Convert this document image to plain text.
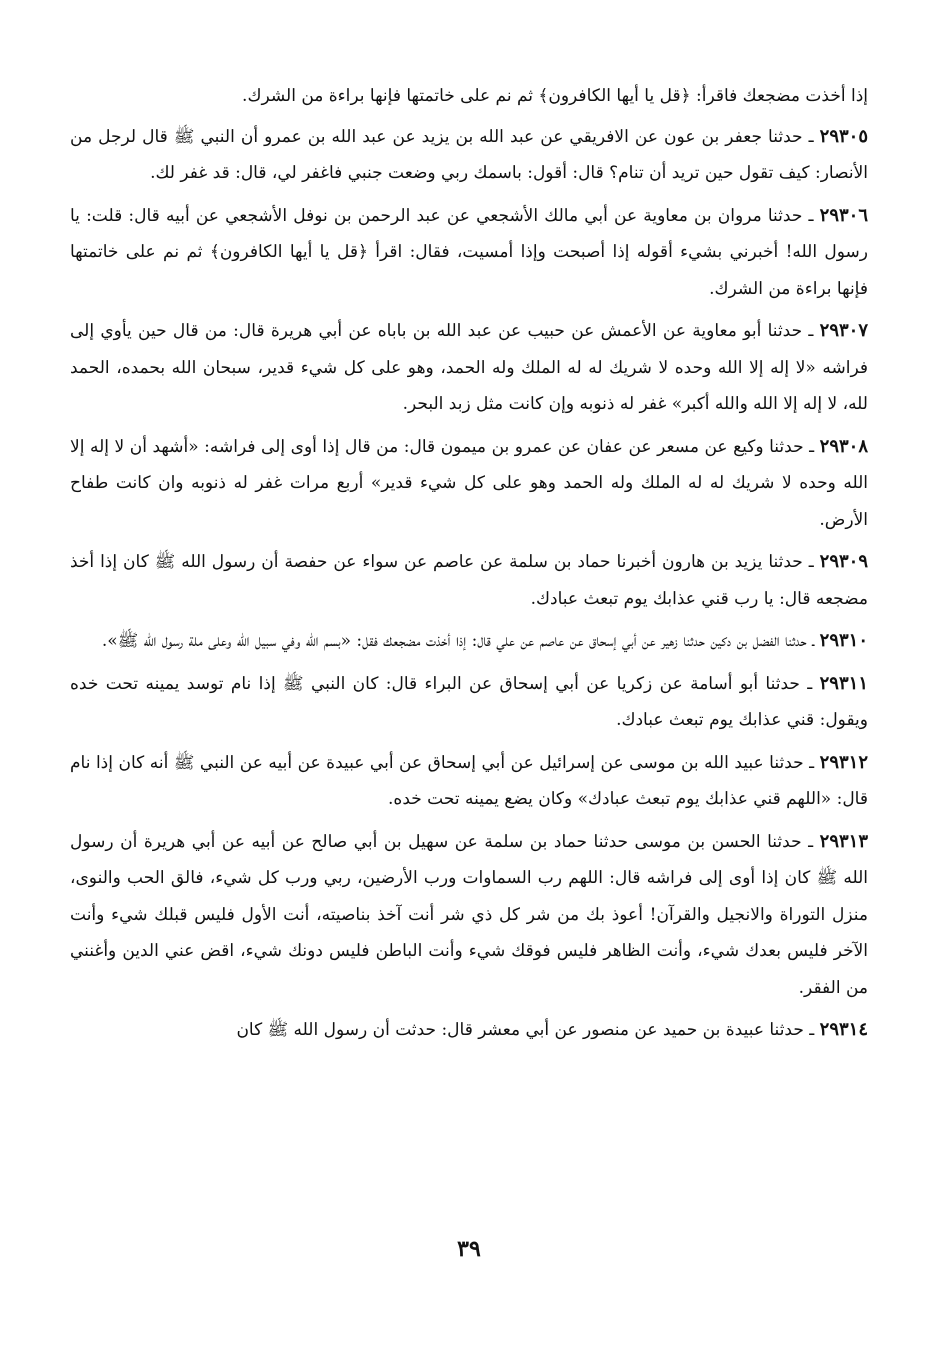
إذا أخذت مضجعك فاقرأ: ﴿قل يا أيها الكافرون﴾ ثم نم على خاتمتها فإنها براءة من الشرك.

٢٩٣٠٥ ـ حدثنا جعفر بن عون عن الافريقي عن عبد الله بن يزيد عن عبد الله بن عمرو أن النبي ﷺ قال لرجل من الأنصار: كيف تقول حين تريد أن تنام؟ قال: أقول: باسمك ربي وضعت جنبي فاغفر لي، قال: قد غفر لك.

٢٩٣٠٦ ـ حدثنا مروان بن معاوية عن أبي مالك الأشجعي عن عبد الرحمن بن نوفل الأشجعي عن أبيه قال: قلت: يا رسول الله! أخبرني بشيء أقوله إذا أصبحت وإذا أمسيت، فقال: اقرأ ﴿قل يا أيها الكافرون﴾ ثم نم على خاتمتها فإنها براءة من الشرك.

٢٩٣٠٧ ـ حدثنا أبو معاوية عن الأعمش عن حبيب عن عبد الله بن باباه عن أبي هريرة قال: من قال حين يأوي إلى فراشه «لا إله إلا الله وحده لا شريك له له الملك وله الحمد، وهو على كل شيء قدير، سبحان الله بحمده، الحمد لله، لا إله إلا الله والله أكبر» غفر له ذنوبه وإن كانت مثل زبد البحر.

٢٩٣٠٨ ـ حدثنا وكيع عن مسعر عن عفان عن عمرو بن ميمون قال: من قال إذا أوى إلى فراشه: «أشهد أن لا إله إلا الله وحده لا شريك له له الملك وله الحمد وهو على كل شيء قدير» أربع مرات غفر له ذنوبه وان كانت طفاح الأرض.

٢٩٣٠٩ ـ حدثنا يزيد بن هارون أخبرنا حماد بن سلمة عن عاصم عن سواء عن حفصة أن رسول الله ﷺ كان إذا أخذ مضجعه قال: يا رب قني عذابك يوم تبعث عبادك.

٢٩٣١٠ ـ حدثنا الفضل بن دكين حدثنا زهير عن أبي إسحاق عن عاصم عن علي قال: إذا أخذت مضجعك فقل: «بسم الله وفي سبيل الله وعلى ملة رسول الله ﷺ».

٢٩٣١١ ـ حدثنا أبو أسامة عن زكريا عن أبي إسحاق عن البراء قال: كان النبي ﷺ إذا نام توسد يمينه تحت خده ويقول: قني عذابك يوم تبعث عبادك.

٢٩٣١٢ ـ حدثنا عبيد الله بن موسى عن إسرائيل عن أبي إسحاق عن أبي عبيدة عن أبيه عن النبي ﷺ أنه كان إذا نام قال: «اللهم قني عذابك يوم تبعث عبادك» وكان يضع يمينه تحت خده.

٢٩٣١٣ ـ حدثنا الحسن بن موسى حدثنا حماد بن سلمة عن سهيل بن أبي صالح عن أبيه عن أبي هريرة أن رسول الله ﷺ كان إذا أوى إلى فراشه قال: اللهم رب السماوات ورب الأرضين، ربي ورب كل شيء، فالق الحب والنوى، منزل التوراة والانجيل والقرآن! أعوذ بك من شر كل ذي شر أنت آخذ بناصيته، أنت الأول فليس قبلك شيء وأنت الآخر فليس بعدك شيء، وأنت الظاهر فليس فوقك شيء وأنت الباطن فليس دونك شيء، اقض عني الدين وأغنني من الفقر.

٢٩٣١٤ ـ حدثنا عبيدة بن حميد عن منصور عن أبي معشر قال: حدثت أن رسول الله ﷺ كان

٣٩
